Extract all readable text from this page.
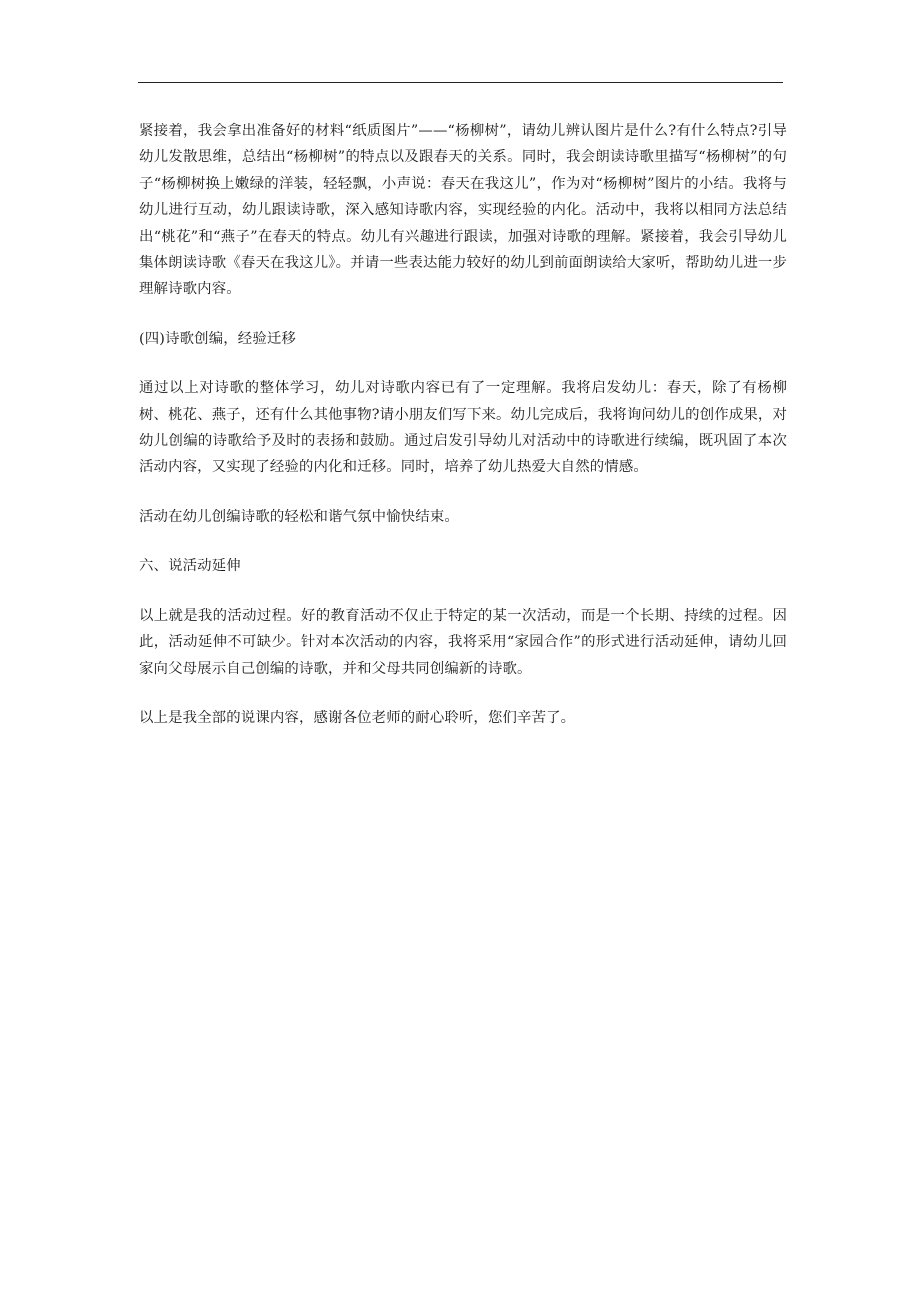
紧接着，我会拿出准备好的材料“纸质图片”——“杨柳树”，请幼儿辨认图片是什么?有什么特点?引导幼儿发散思维，总结出“杨柳树”的特点以及跟春天的关系。同时，我会朗读诗歌里描写“杨柳树”的句子“杨柳树换上嫩绿的洋装，轻轻飘，小声说：春天在我这儿”，作为对“杨柳树”图片的小结。我将与幼儿进行互动，幼儿跟读诗歌，深入感知诗歌内容，实现经验的内化。活动中，我将以相同方法总结出“桃花”和“燕子”在春天的特点。幼儿有兴趣进行跟读，加强对诗歌的理解。紧接着，我会引导幼儿集体朗读诗歌《春天在我这儿》。并请一些表达能力较好的幼儿到前面朗读给大家听，帮助幼儿进一步理解诗歌内容。

(四)诗歌创编，经验迁移

通过以上对诗歌的整体学习，幼儿对诗歌内容已有了一定理解。我将启发幼儿：春天，除了有杨柳树、桃花、燕子，还有什么其他事物?请小朋友们写下来。幼儿完成后，我将询问幼儿的创作成果，对幼儿创编的诗歌给予及时的表扬和鼓励。通过启发引导幼儿对活动中的诗歌进行续编，既巩固了本次活动内容，又实现了经验的内化和迁移。同时，培养了幼儿热爱大自然的情感。

活动在幼儿创编诗歌的轻松和谐气氛中愉快结束。

六、说活动延伸

以上就是我的活动过程。好的教育活动不仅止于特定的某一次活动，而是一个长期、持续的过程。因此，活动延伸不可缺少。针对本次活动的内容，我将采用“家园合作”的形式进行活动延伸，请幼儿回家向父母展示自己创编的诗歌，并和父母共同创编新的诗歌。

以上是我全部的说课内容，感谢各位老师的耐心聆听，您们辛苦了。
